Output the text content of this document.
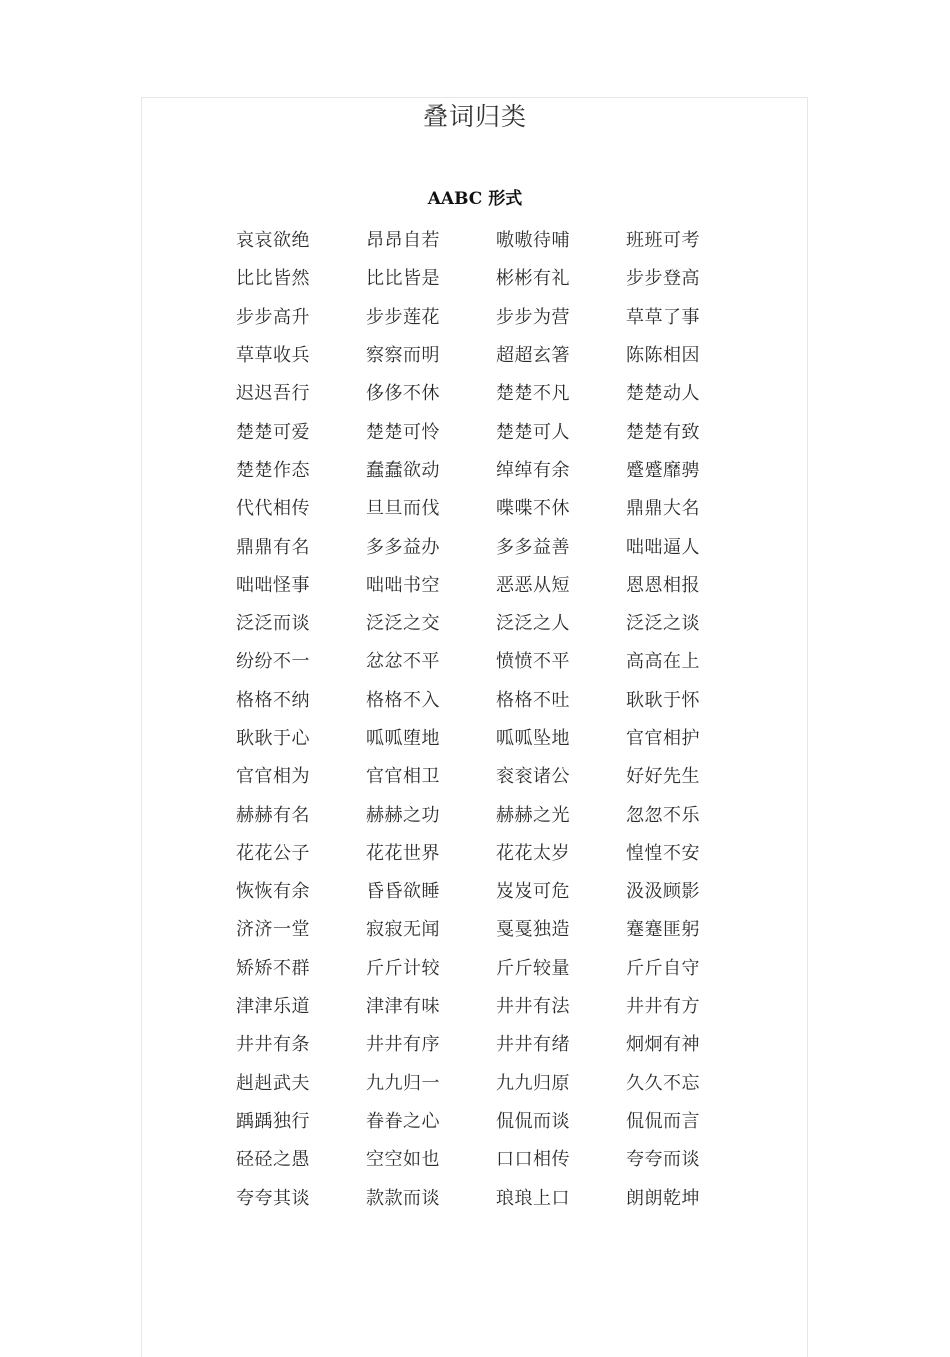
叠词归类
AABC 形式
哀哀欲绝	昂昂自若	嗷嗷待哺	班班可考
比比皆然	比比皆是	彬彬有礼	步步登高
步步高升	步步莲花	步步为营	草草了事
草草收兵	察察而明	超超玄箸	陈陈相因
迟迟吾行	侈侈不休	楚楚不凡	楚楚动人
楚楚可爱	楚楚可怜	楚楚可人	楚楚有致
楚楚作态	蠢蠢欲动	绰绰有余	蹙蹙靡骋
代代相传	旦旦而伐	喋喋不休	鼎鼎大名
鼎鼎有名	多多益办	多多益善	咄咄逼人
咄咄怪事	咄咄书空	恶恶从短	恩恩相报
泛泛而谈	泛泛之交	泛泛之人	泛泛之谈
纷纷不一	忿忿不平	愤愤不平	高高在上
格格不纳	格格不入	格格不吐	耿耿于怀
耿耿于心	呱呱堕地	呱呱坠地	官官相护
官官相为	官官相卫	衮衮诸公	好好先生
赫赫有名	赫赫之功	赫赫之光	忽忽不乐
花花公子	花花世界	花花太岁	惶惶不安
恢恢有余	昏昏欲睡	岌岌可危	汲汲顾影
济济一堂	寂寂无闻	戛戛独造	蹇蹇匪躬
矫矫不群	斤斤计较	斤斤较量	斤斤自守
津津乐道	津津有味	井井有法	井井有方
井井有条	井井有序	井井有绪	炯炯有神
赳赳武夫	九九归一	九九归原	久久不忘
踽踽独行	眷眷之心	侃侃而谈	侃侃而言
硁硁之愚	空空如也	口口相传	夸夸而谈
夸夸其谈	款款而谈	琅琅上口	朗朗乾坤
